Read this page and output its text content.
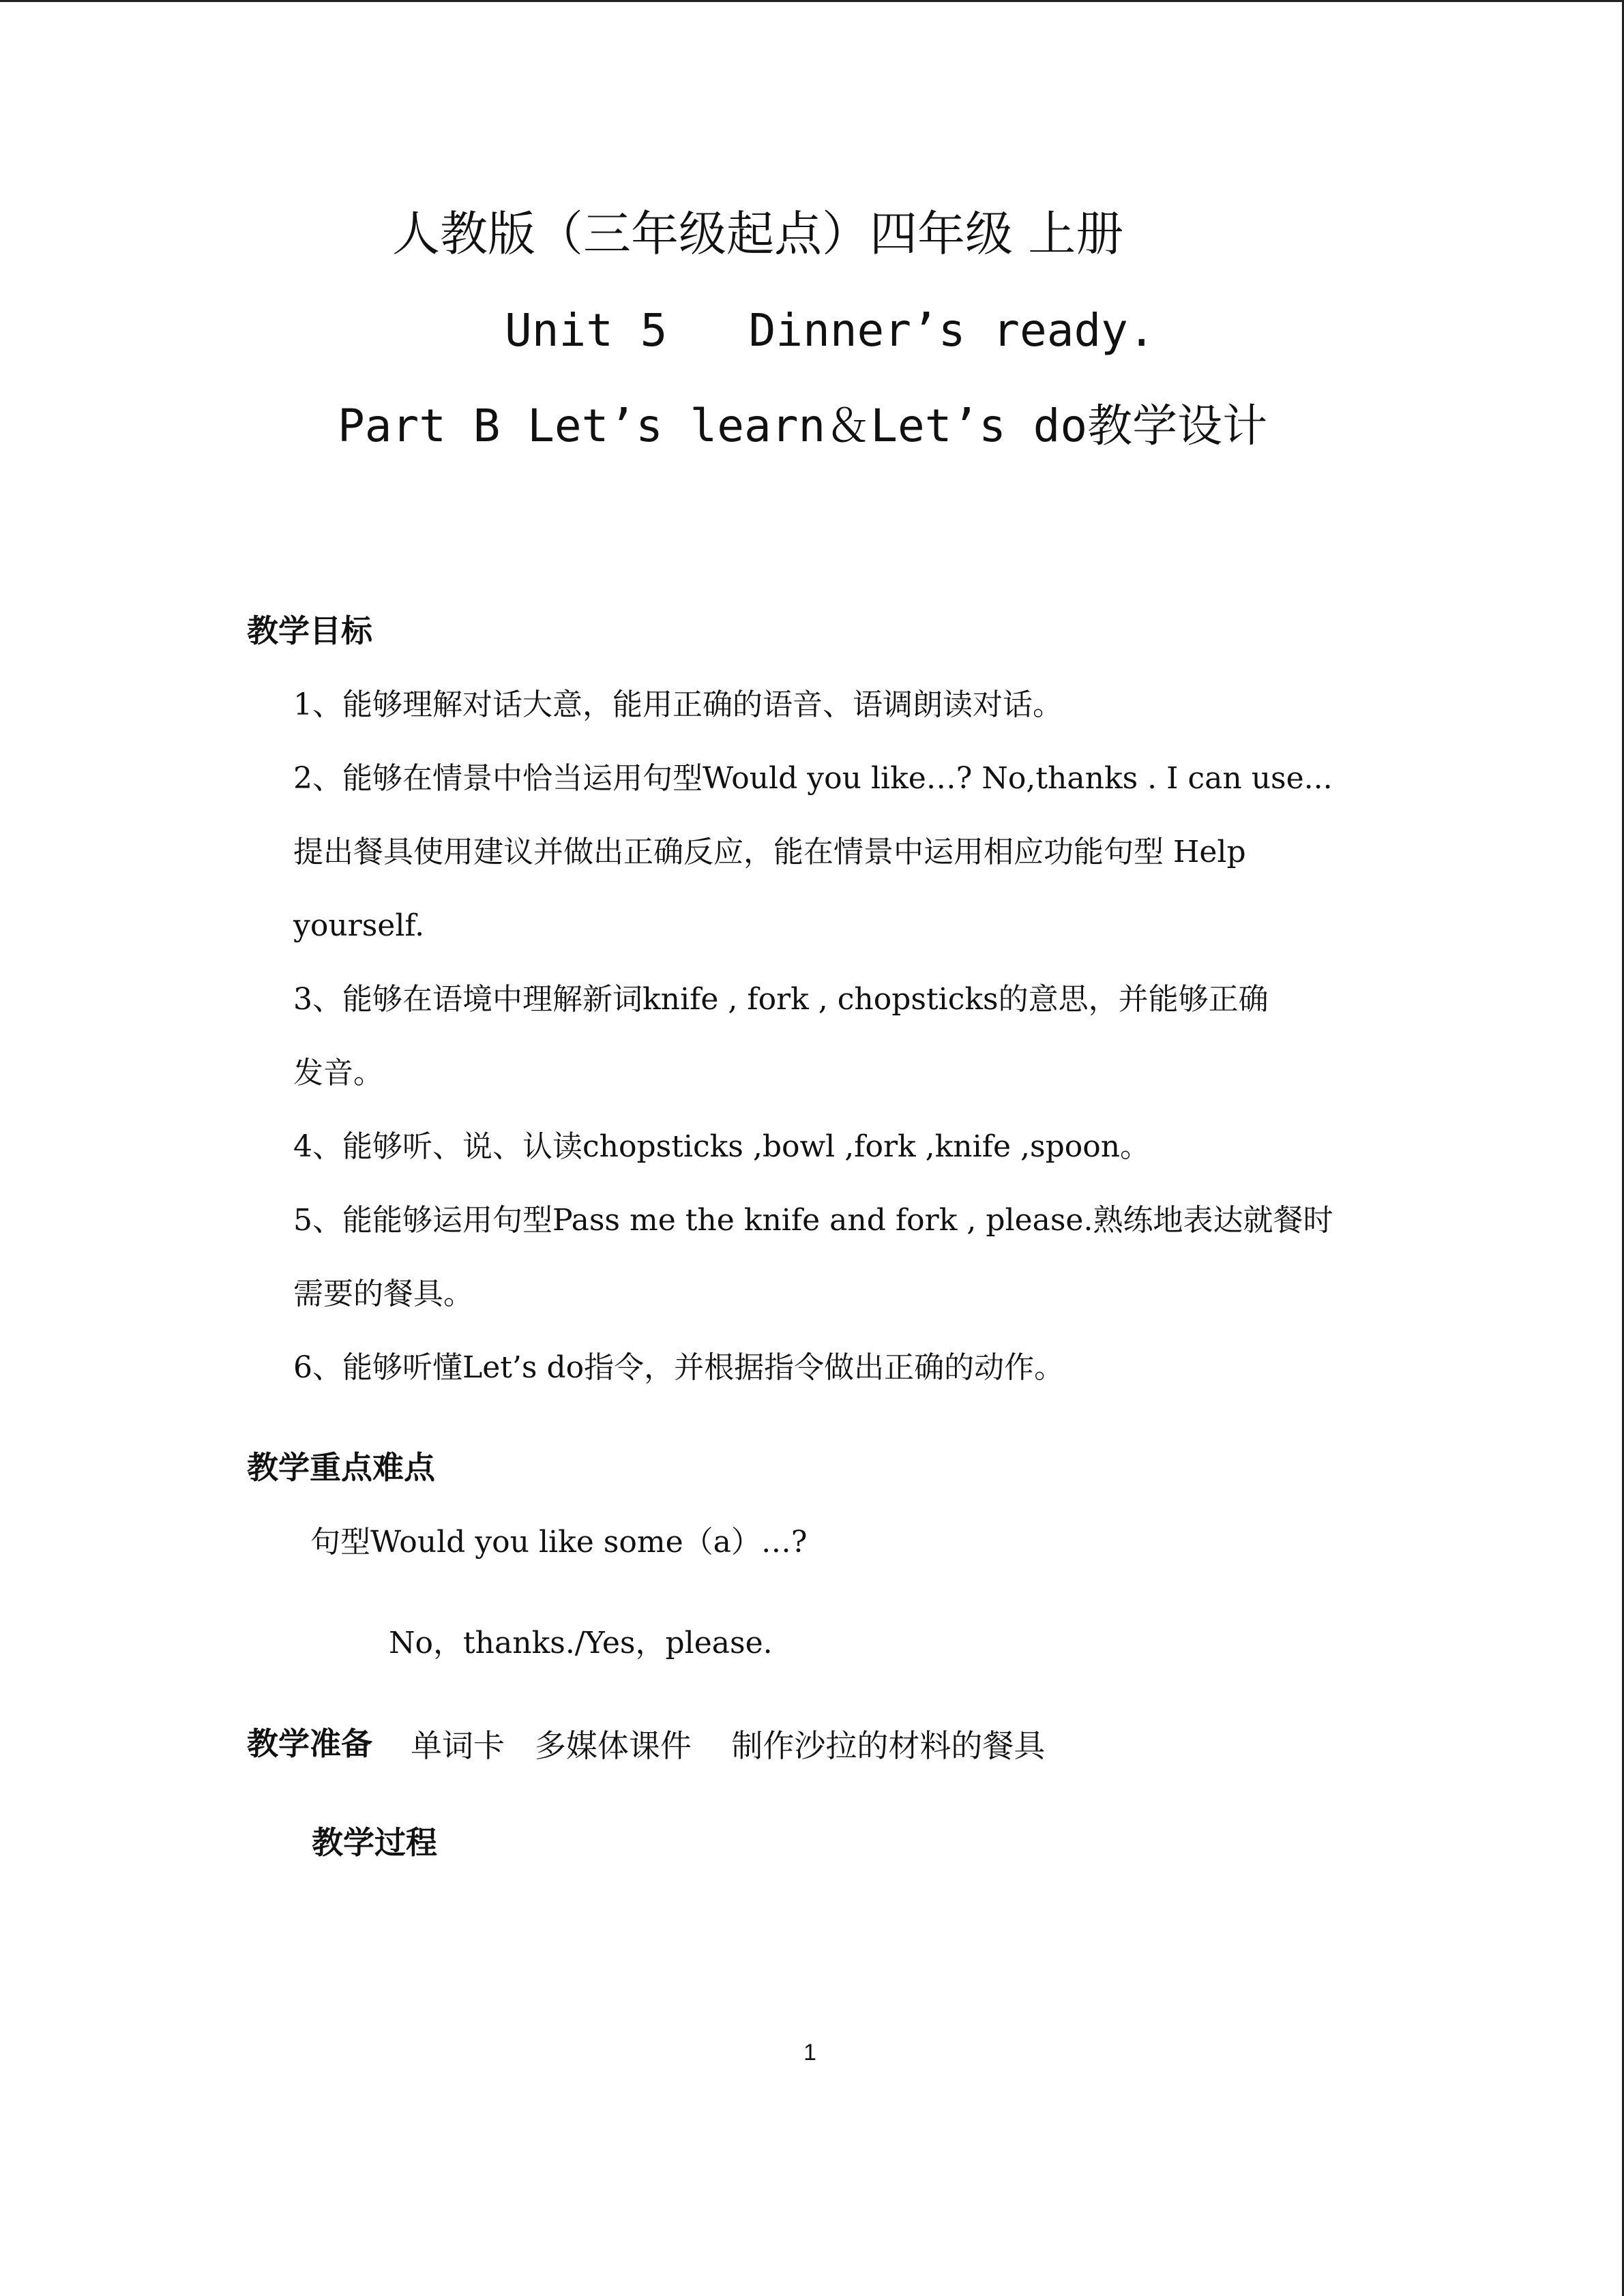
人教版（三年级起点）四年级 上册
Unit 5   Dinner’s ready.
Part B Let’s learn＆Let’s do教学设计
教学目标
1、能够理解对话大意，能用正确的语音、语调朗读对话。
2、能够在情景中恰当运用句型Would you like…? No,thanks . I can use...
提出餐具使用建议并做出正确反应，能在情景中运用相应功能句型 Help
yourself.
3、能够在语境中理解新词knife , fork , chopsticks的意思，并能够正确
发音。
4、能够听、说、认读chopsticks ,bowl ,fork ,knife ,spoon。
5、能能够运用句型Pass me the knife and fork , please.熟练地表达就餐时
需要的餐具。
6、能够听懂Let’s do指令，并根据指令做出正确的动作。
教学重点难点
句型Would you like some（a）…?
No，thanks./Yes，please.
教学准备 单词卡   多媒体课件    制作沙拉的材料的餐具
教学过程
1
